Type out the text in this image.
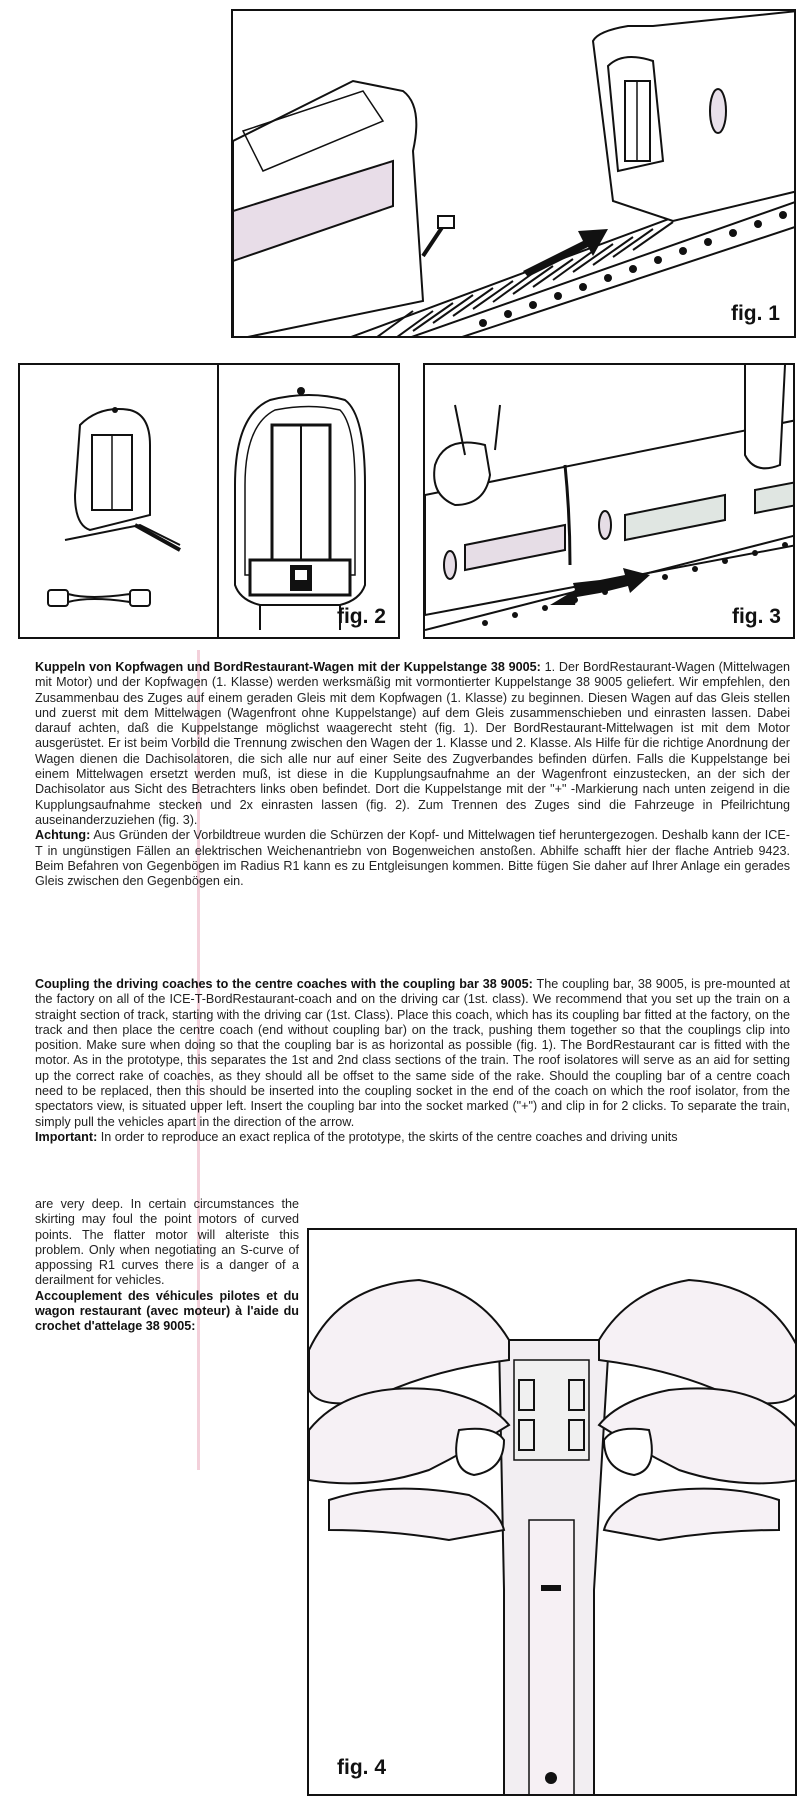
fig. 1
fig. 2	fig. 3
Kuppeln von Kopfwagen und BordRestaurant-Wagen mit der Kuppelstange 38 9005: 1. Der BordRestaurant-Wagen (Mittelwagen mit Motor) und der Kopfwagen (1. Klasse) werden werksmäßig mit vormontierter Kuppelstange 38 9005 geliefert. Wir empfehlen, den Zusammenbau des Zuges auf einem geraden Gleis mit dem Kopfwagen (1. Klasse) zu beginnen. Diesen Wagen auf das Gleis stellen und zuerst mit dem Mittelwagen (Wagenfront ohne Kuppelstange) auf dem Gleis zusammenschieben und einrasten lassen. Dabei darauf achten, daß die Kuppelstange möglichst waagerecht steht (fig. 1). Der BordRestaurant-Mittelwagen ist mit dem Motor ausgerüstet. Er ist beim Vorbild die Trennung zwischen den Wagen der 1. Klasse und 2. Klasse. Als Hilfe für die richtige Anordnung der Wagen dienen die Dachisolatoren, die sich alle nur auf einer Seite des Zugverbandes befinden dürfen. Falls die Kuppelstange bei einem Mittelwagen ersetzt werden muß, ist diese in die Kupplungsaufnahme an der Wagenfront einzustecken, an der sich der Dachisolator aus Sicht des Betrachters links oben befindet. Dort die Kuppelstange mit der "+" -Markierung nach unten zeigend in die Kupplungsaufnahme stecken und 2x einrasten lassen (fig. 2). Zum Trennen des Zuges sind die Fahrzeuge in Pfeilrichtung auseinanderzuziehen (fig. 3).
Achtung: Aus Gründen der Vorbildtreue wurden die Schürzen der Kopf- und Mittelwagen tief heruntergezogen. Deshalb kann der ICE-T in ungünstigen Fällen an elektrischen Weichenantriebn von Bogenweichen anstoßen. Abhilfe schafft hier der flache Antrieb 9423. Beim Befahren von Gegenbögen im Radius R1 kann es zu Entgleisungen kommen. Bitte fügen Sie daher auf Ihrer Anlage ein gerades Gleis zwischen den Gegenbögen ein.
Coupling the driving coaches to the centre coaches with the coupling bar 38 9005: The coupling bar, 38 9005, is pre-mounted at the factory on all of the ICE-T-BordRestaurant-coach and on the driving car (1st. class). We recommend that you set up the train on a straight section of track, starting with the driving car (1st. Class). Place this coach, which has its coupling bar fitted at the factory, on the track and then place the centre coach (end without coupling bar) on the track, pushing them together so that the couplings clip into position. Make sure when doing so that the coupling bar is as horizontal as possible (fig. 1). The BordRestaurant car is fitted with the motor. As in the prototype, this separates the 1st and 2nd class sections of the train. The roof isolatores will serve as an aid for setting up the correct rake of coaches, as they should all be offset to the same side of the rake. Should the coupling bar of a centre coach need to be replaced, then this should be inserted into the coupling socket in the end of the coach on which the roof isolator, from the spectators view, is situated upper left. Insert the coupling bar into the socket marked ("+") and clip in for 2 clicks. To separate the train, simply pull the vehicles apart in the direction of the arrow.
Important: In order to reproduce an exact replica of the prototype, the skirts of the centre coaches and driving units
are very deep. In certain circumstances the skirting may foul the point motors of curved points. The flatter motor will alteriste this problem. Only when negotiating an S-curve of appossing R1 curves there is a danger of a derailment for vehicles.
Accouplement des véhicules pilotes et du wagon restaurant (avec moteur) à l'aide du crochet d'attelage 38 9005:
fig. 4
